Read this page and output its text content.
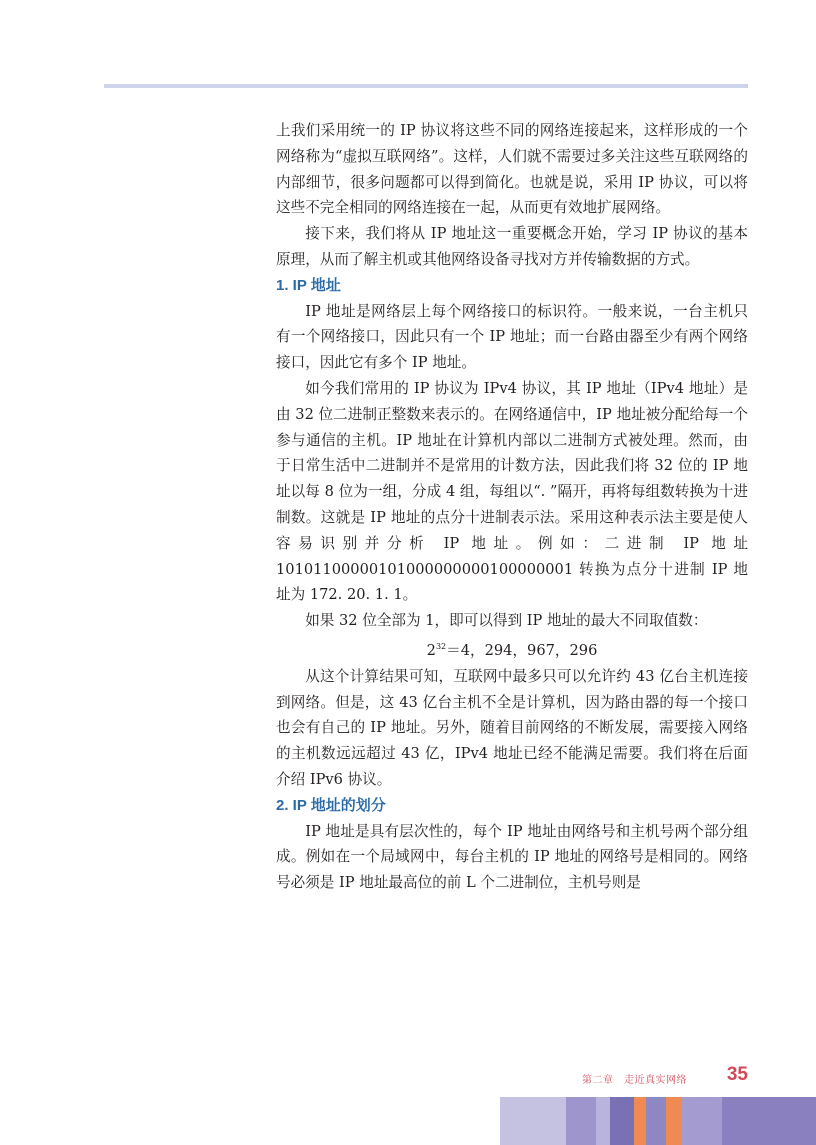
上我们采用统一的 IP 协议将这些不同的网络连接起来，这样形成的一个网络称为“虚拟互联网络”。这样，人们就不需要过多关注这些互联网络的内部细节，很多问题都可以得到简化。也就是说，采用 IP 协议，可以将这些不完全相同的网络连接在一起，从而更有效地扩展网络。

接下来，我们将从 IP 地址这一重要概念开始，学习 IP 协议的基本原理，从而了解主机或其他网络设备寻找对方并传输数据的方式。

1. IP 地址

IP 地址是网络层上每个网络接口的标识符。一般来说，一台主机只有一个网络接口，因此只有一个 IP 地址；而一台路由器至少有两个网络接口，因此它有多个 IP 地址。

如今我们常用的 IP 协议为 IPv4 协议，其 IP 地址（IPv4 地址）是由 32 位二进制正整数来表示的。在网络通信中，IP 地址被分配给每一个参与通信的主机。IP 地址在计算机内部以二进制方式被处理。然而，由于日常生活中二进制并不是常用的计数方法，因此我们将 32 位的 IP 地址以每 8 位为一组，分成 4 组，每组以“. ”隔开，再将每组数转换为十进制数。这就是 IP 地址的点分十进制表示法。采用这种表示法主要是使人容易识别并分析 IP 地址。例如：二进制 IP 地址 10101100000101000000000100000001 转换为点分十进制 IP 地址为 172. 20. 1. 1。

如果 32 位全部为 1，即可以得到 IP 地址的最大不同取值数：

$2^{32}=4$，294，967，296

从这个计算结果可知，互联网中最多只可以允许约 43 亿台主机连接到网络。但是，这 43 亿台主机不全是计算机，因为路由器的每一个接口也会有自己的 IP 地址。另外，随着目前网络的不断发展，需要接入网络的主机数远远超过 43 亿，IPv4 地址已经不能满足需要。我们将在后面介绍 IPv6 协议。

2. IP 地址的划分

IP 地址是具有层次性的，每个 IP 地址由网络号和主机号两个部分组成。例如在一个局域网中，每台主机的 IP 地址的网络号是相同的。网络号必须是 IP 地址最高位的前 L 个二进制位，主机号则是

第二章　走近真实网络 35
